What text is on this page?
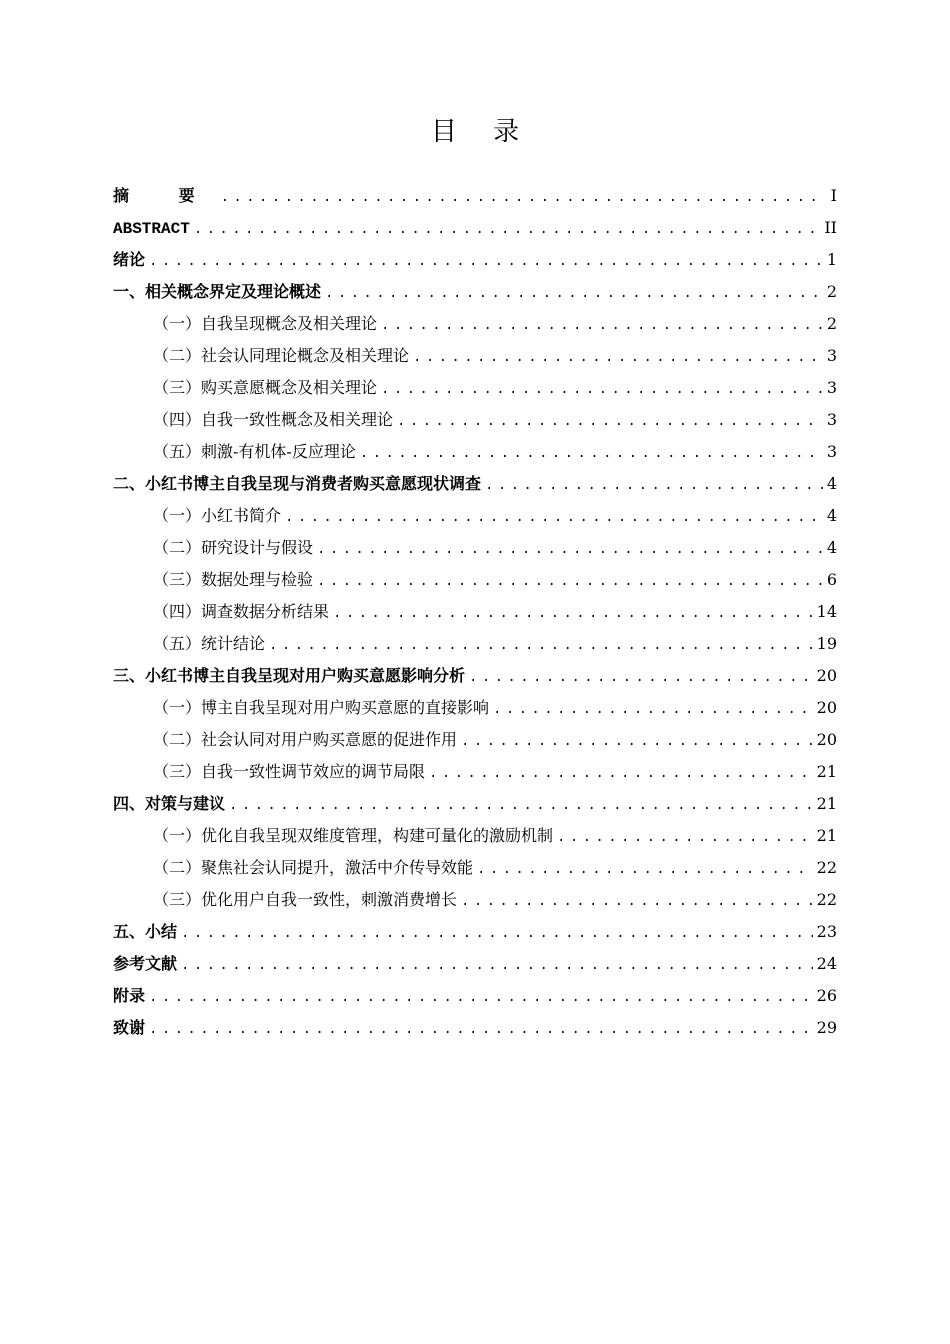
目 录
摘 要 .....	I
ABSTRACT .....	II
绪论 .....	1
一、 相关概念界定及理论概述 .....	2
（一） 自我呈现概念及相关理论 .....	2
（二） 社会认同理论概念及相关理论 .....	3
（三） 购买意愿概念及相关理论 .....	3
（四） 自我一致性概念及相关理论 .....	3
（五） 刺激-有机体-反应理论 .....	3
二、 小红书博主自我呈现与消费者购买意愿现状调查 .....	4
（一） 小红书简介 .....	4
（二） 研究设计与假设 .....	4
（三） 数据处理与检验 .....	6
（四） 调查数据分析结果 .....	14
（五） 统计结论 .....	19
三、 小红书博主自我呈现对用户购买意愿影响分析 .....	20
（一） 博主自我呈现对用户购买意愿的直接影响 .....	20
（二） 社会认同对用户购买意愿的促进作用 .....	20
（三） 自我一致性调节效应的调节局限 .....	21
四、 对策与建议 .....	21
（一） 优化自我呈现双维度管理，构建可量化的激励机制 .....	21
（二） 聚焦社会认同提升，激活中介传导效能 .....	22
（三） 优化用户自我一致性，刺激消费增长 .....	22
五、 小结 .....	23
参考文献 .....	24
附录 .....	26
致谢 .....	29
